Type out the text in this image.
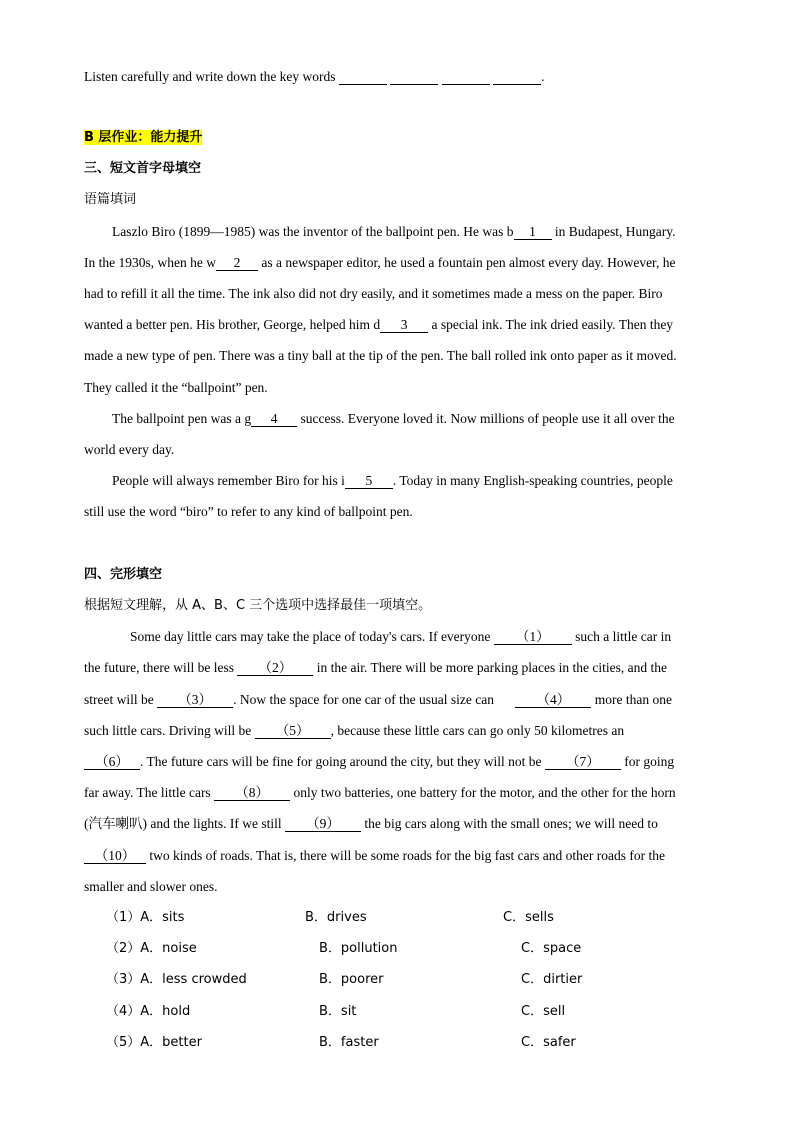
Listen carefully and write down the key words	.
B 层作业：能力提升
三、短文首字母填空
语篇填词
Laszlo Biro (1899—1985) was the inventor of the ballpoint pen. He was b 1 in Budapest, Hungary.
In the 1930s, when he w 2 as a newspaper editor, he used a fountain pen almost every day. However, he
had to refill it all the time. The ink also did not dry easily, and it sometimes made a mess on the paper. Biro
wanted a better pen. His brother, George, helped him d 3 a special ink. The ink dried easily. Then they
made a new type of pen. There was a tiny ball at the tip of the pen. The ball rolled ink onto paper as it moved.
They called it the “ballpoint” pen.
The ballpoint pen was a g 4 success. Everyone loved it. Now millions of people use it all over the
world every day.
People will always remember Biro for his i 5 . Today in many English-speaking countries, people
still use the word “biro” to refer to any kind of ballpoint pen.
四、完形填空
根据短文理解，从 A、B、C 三个选项中选择最佳一项填空。
Some day little cars may take the place of today's cars. If everyone （1） such a little car in
the future, there will be less （2） in the air. There will be more parking places in the cities, and the
street will be （3） . Now the space for one car of the usual size can	（4） more than one
such little cars. Driving will be （5） , because these little cars can go only 50 kilometres an
（6） . The future cars will be fine for going around the city, but they will not be （7） for going
far away. The little cars （8） only two batteries, one battery for the motor, and the other for the horn
(汽车喇叭) and the lights. If we still （9） the big cars along with the small ones; we will need to
（10） two kinds of roads. That is, there will be some roads for the big fast cars and other roads for the
smaller and slower ones.
（1）A．sits	B．drives	C．sells
（2）A．noise	B．pollution	C．space
（3）A．less crowded	B．poorer	C．dirtier
（4）A．hold	B．sit	C．sell
（5）A．better	B．faster	C．safer
